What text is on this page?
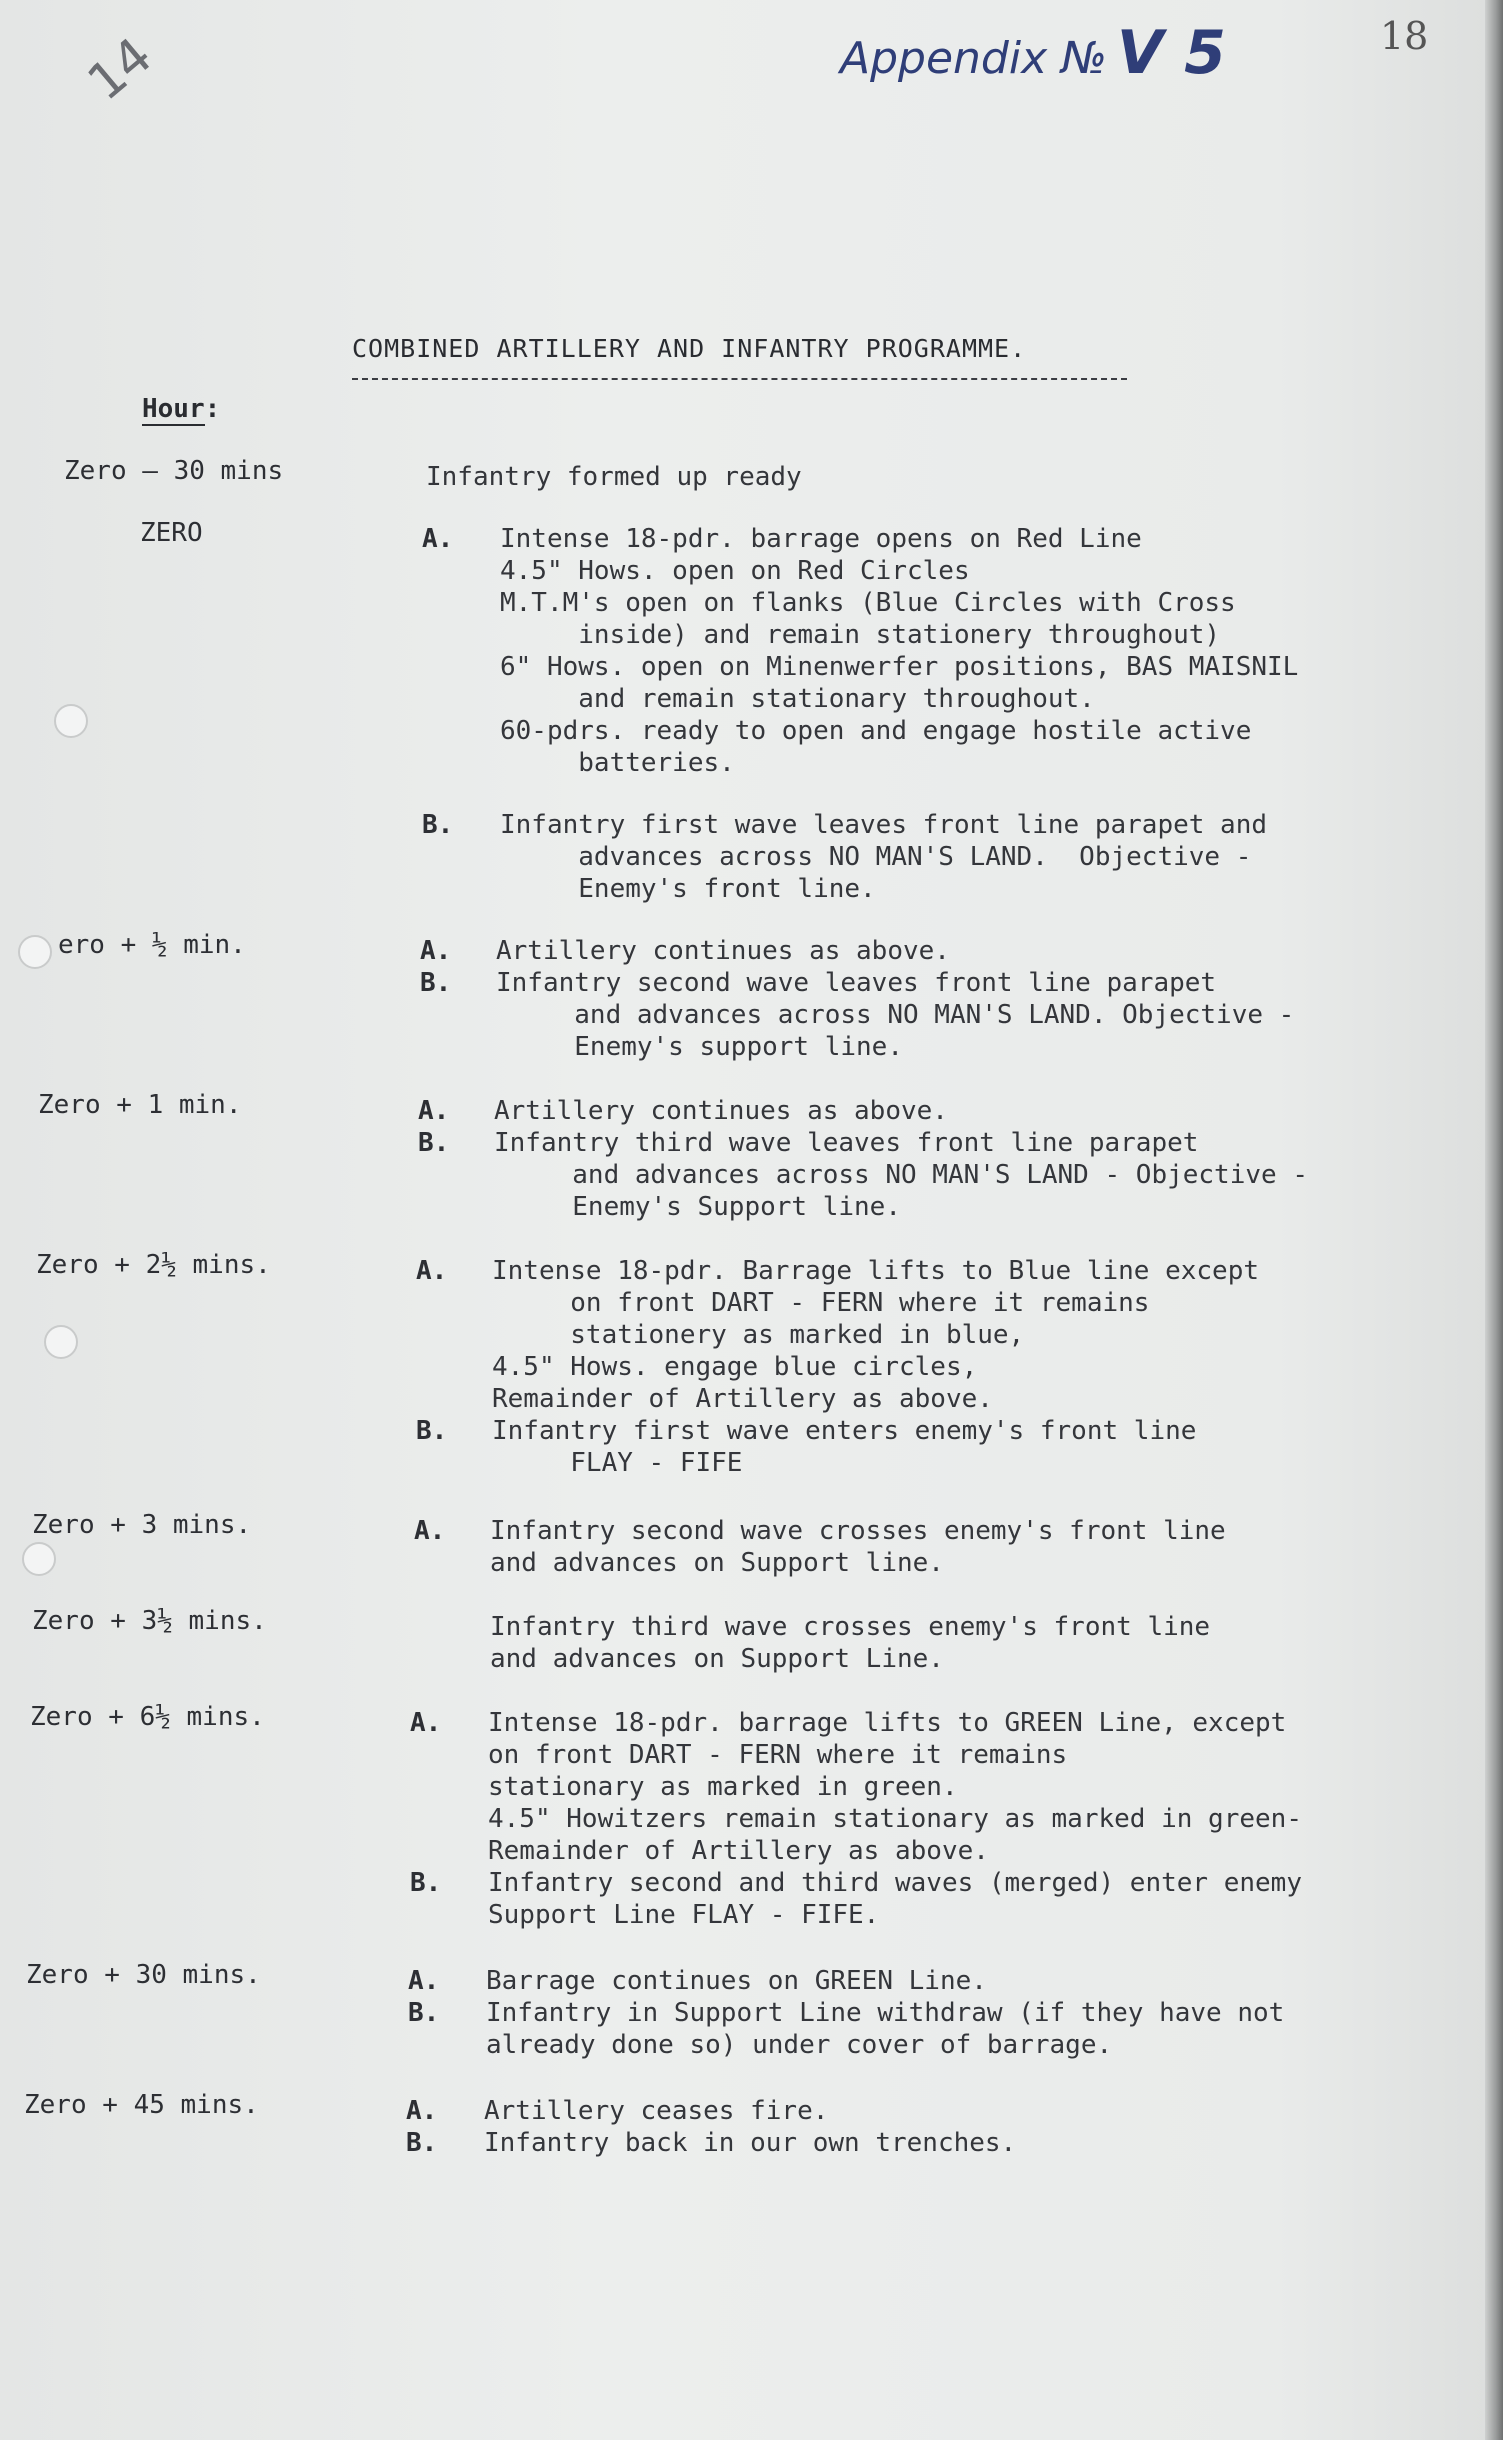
14	Appendix № V 5	18
COMBINED ARTILLERY AND INFANTRY PROGRAMME.
Hour:
Zero — 30 mins	Infantry formed up ready
ZERO	A. Intense 18-pdr. barrage opens on Red Line
4.5" Hows. open on Red Circles
M.T.M's open on flanks (Blue Circles with Cross
inside) and remain stationery throughout)
6" Hows. open on Minenwerfer positions, BAS MAISNIL
and remain stationary throughout.
60-pdrs. ready to open and engage hostile active
batteries.
B. Infantry first wave leaves front line parapet and
advances across NO MAN'S LAND.  Objective -
Enemy's front line.
ero + ½ min.	A. Artillery continues as above.
B. Infantry second wave leaves front line parapet
and advances across NO MAN'S LAND. Objective -
Enemy's support line.
Zero + 1 min.	A. Artillery continues as above.
B. Infantry third wave leaves front line parapet
and advances across NO MAN'S LAND - Objective -
Enemy's Support line.
Zero + 2½ mins.	A. Intense 18-pdr. Barrage lifts to Blue line except
on front DART - FERN where it remains
stationery as marked in blue,
4.5" Hows. engage blue circles,
Remainder of Artillery as above.
B. Infantry first wave enters enemy's front line
FLAY - FIFE
Zero + 3 mins.	A. Infantry second wave crosses enemy's front line
and advances on Support line.
Zero + 3½ mins.	Infantry third wave crosses enemy's front line
and advances on Support Line.
Zero + 6½ mins.	A. Intense 18-pdr. barrage lifts to GREEN Line, except
on front DART - FERN where it remains
stationary as marked in green.
4.5" Howitzers remain stationary as marked in green-
Remainder of Artillery as above.
B. Infantry second and third waves (merged) enter enemy
Support Line FLAY - FIFE.
Zero + 30 mins.	A. Barrage continues on GREEN Line.
B. Infantry in Support Line withdraw (if they have not
already done so) under cover of barrage.
Zero + 45 mins.	A. Artillery ceases fire.
B. Infantry back in our own trenches.
